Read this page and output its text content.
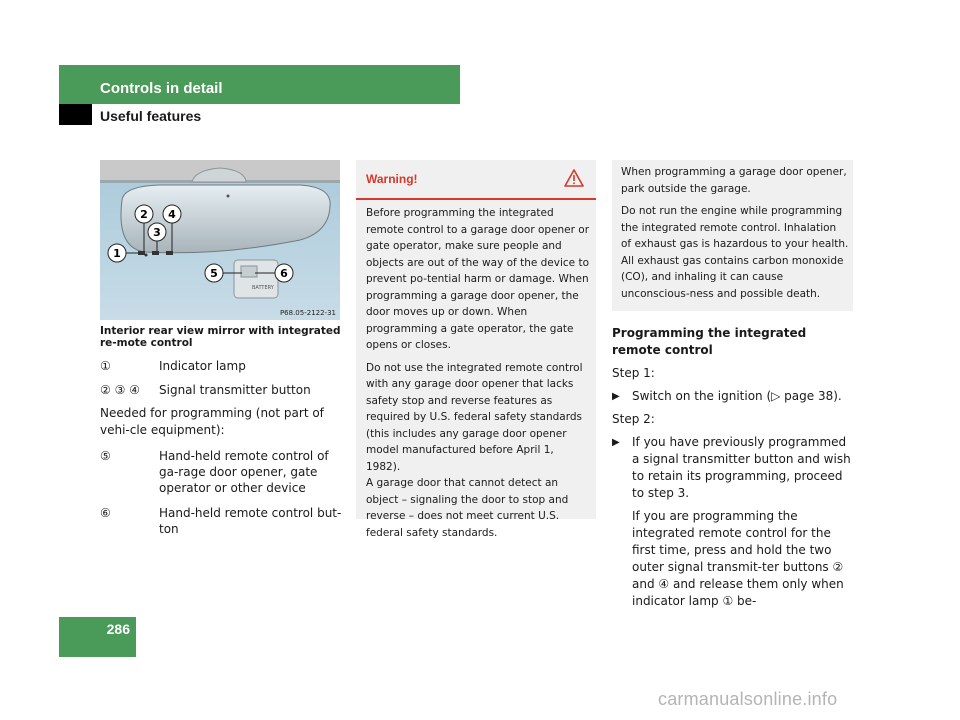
Controls in detail
Useful features
286
BATTERY
1
2
3
4
5	6
P68.05-2122-31
Interior rear view mirror with integrated re-mote control
①	Indicator lamp
② ③ ④	Signal transmitter button
Needed for programming (not part of vehi-cle equipment):
⑤	Hand-held remote control of ga-rage door opener, gate operator or other device
⑥	Hand-held remote control but-ton
Warning!

Before programming the integrated remote control to a garage door opener or gate operator, make sure people and objects are out of the way of the device to prevent po-tential harm or damage. When programming a garage door opener, the door moves up or down. When programming a gate operator, the gate opens or closes.

Do not use the integrated remote control with any garage door opener that lacks safety stop and reverse features as required by U.S. federal safety standards (this includes any garage door opener model manufactured before April 1, 1982).

A garage door that cannot detect an object – signaling the door to stop and reverse – does not meet current U.S. federal safety standards.

When programming a garage door opener, park outside the garage.

Do not run the engine while programming the integrated remote control. Inhalation of exhaust gas is hazardous to your health. All exhaust gas contains carbon monoxide (CO), and inhaling it can cause unconscious-ness and possible death.

Programming the integrated remote control

Step 1:

▶ Switch on the ignition (▷ page 38).

Step 2:

▶ If you have previously programmed a signal transmitter button and wish to retain its programming, proceed to step 3.

If you are programming the integrated remote control for the first time, press and hold the two outer signal transmit-ter buttons ② and ④ and release them only when indicator lamp ① be-

carmanualsonline.info
